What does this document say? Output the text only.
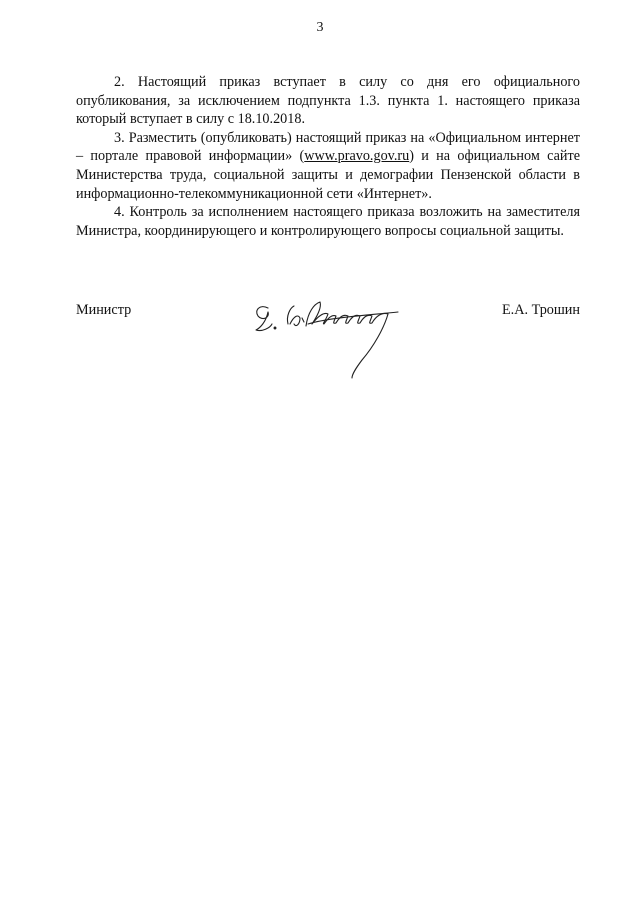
3

2. Настоящий приказ вступает в силу со дня его официального опубликования, за исключением подпункта 1.3. пункта 1. настоящего приказа который вступает в силу с 18.10.2018.

3. Разместить (опубликовать) настоящий приказ на «Официальном интернет – портале правовой информации» (www.pravo.gov.ru) и на официальном сайте Министерства труда, социальной защиты и демографии Пензенской области в информационно-телекоммуникационной сети «Интернет».

4. Контроль за исполнением настоящего приказа возложить на заместителя Министра, координирующего и контролирующего вопросы социальной защиты.

Министр	Е.А. Трошин
